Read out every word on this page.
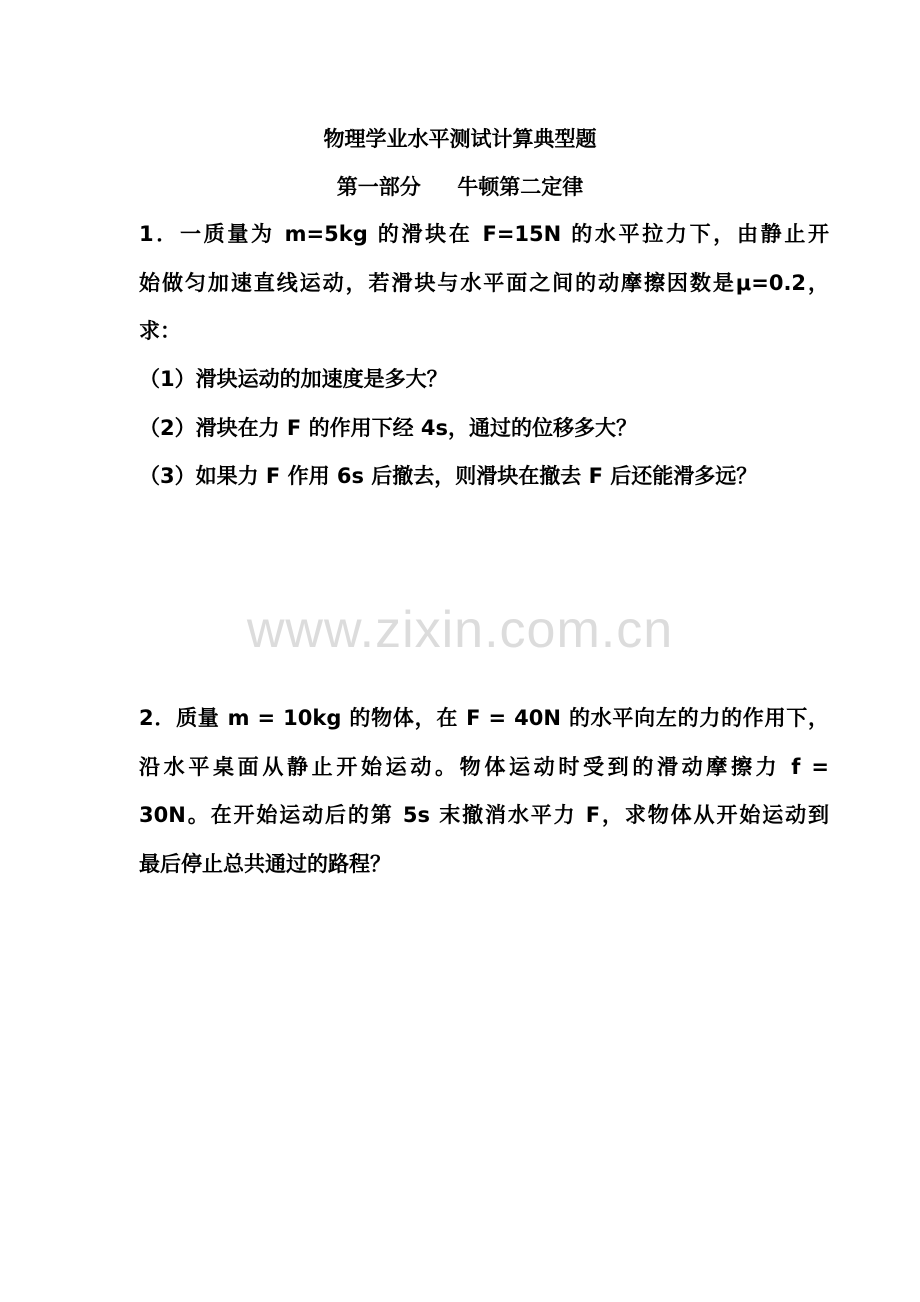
物理学业水平测试计算典型题
第一部分     牛顿第二定律
1．一质量为 m=5kg 的滑块在 F=15N 的水平拉力下，由静止开
始做匀加速直线运动，若滑块与水平面之间的动摩擦因数是μ=0.2，
求：
（1）滑块运动的加速度是多大？
（2）滑块在力 F 的作用下经 4s，通过的位移多大？
（3）如果力 F 作用 6s 后撤去，则滑块在撤去 F 后还能滑多远？
www.zixin.com.cn
2．质量 m = 10kg 的物体，在 F = 40N 的水平向左的力的作用下，
沿水平桌面从静止开始运动。物体运动时受到的滑动摩擦力 f =
30N。在开始运动后的第 5s 末撤消水平力 F，求物体从开始运动到
最后停止总共通过的路程？
